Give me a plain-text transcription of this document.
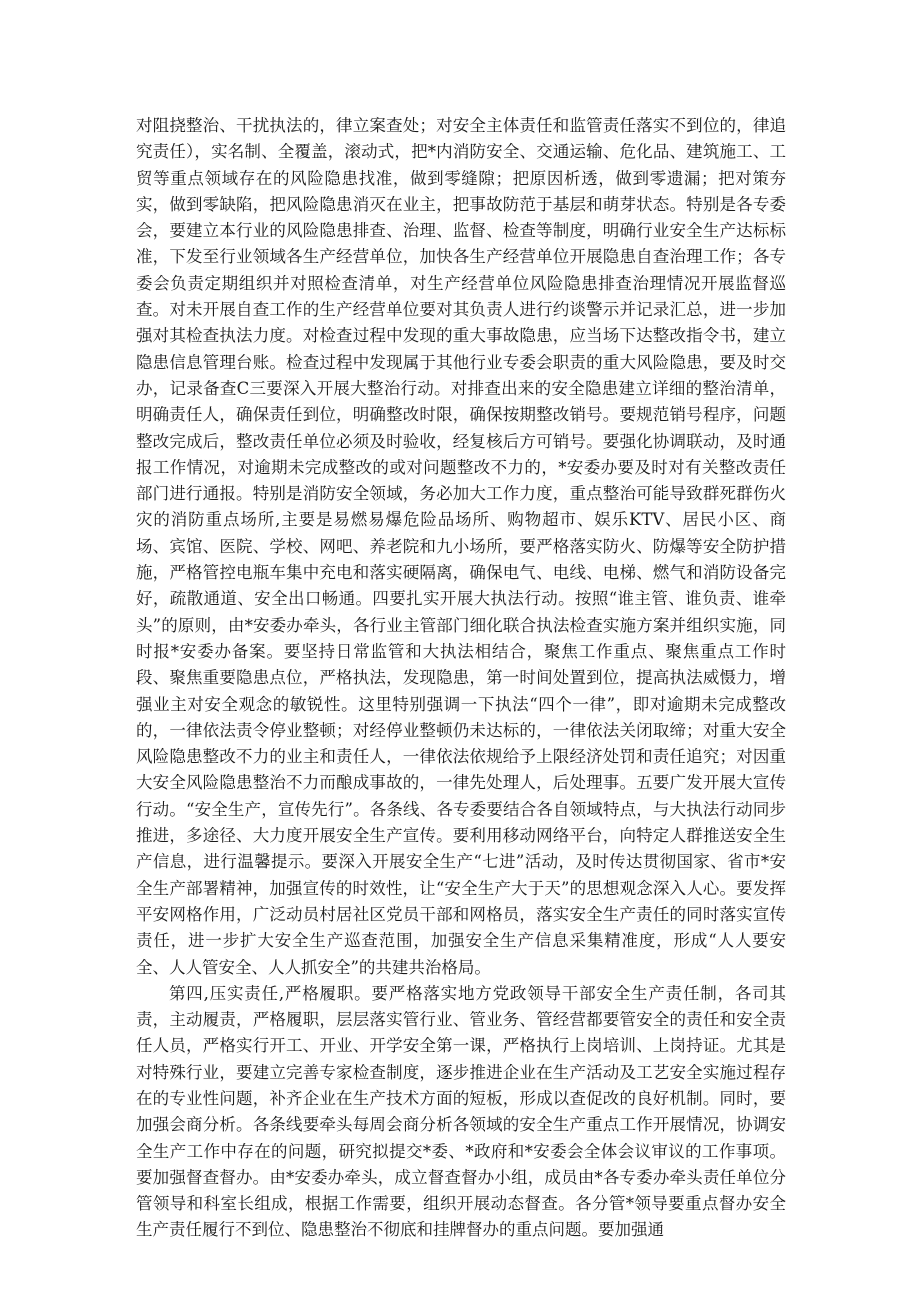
对阻挠整治、干扰执法的，律立案查处；对安全主体责任和监管责任落实不到位的，律追究责任），实名制、全覆盖，滚动式，把*内消防安全、交通运输、危化品、建筑施工、工贸等重点领域存在的风险隐患找准，做到零缝隙；把原因析透，做到零遗漏；把对策夯实，做到零缺陷，把风险隐患消灭在业主，把事故防范于基层和萌芽状态。特别是各专委会，要建立本行业的风险隐患排查、治理、监督、检查等制度，明确行业安全生产达标标准，下发至行业领域各生产经营单位，加快各生产经营单位开展隐患自查治理工作；各专委会负责定期组织并对照检查清单，对生产经营单位风险隐患排查治理情况开展监督巡查。对未开展自查工作的生产经营单位要对其负责人进行约谈警示并记录汇总，进一步加强对其检查执法力度。对检查过程中发现的重大事故隐患，应当场下达整改指令书，建立隐患信息管理台账。检查过程中发现属于其他行业专委会职责的重大风险隐患，要及时交办，记录备查C三要深入开展大整治行动。对排查出来的安全隐患建立详细的整治清单，明确责任人，确保责任到位，明确整改时限，确保按期整改销号。要规范销号程序，问题整改完成后，整改责任单位必须及时验收，经复核后方可销号。要强化协调联动，及时通报工作情况，对逾期未完成整改的或对问题整改不力的，*安委办要及时对有关整改责任部门进行通报。特别是消防安全领域，务必加大工作力度，重点整治可能导致群死群伤火灾的消防重点场所,主要是易燃易爆危险品场所、购物超市、娱乐KTV、居民小区、商场、宾馆、医院、学校、网吧、养老院和九小场所，要严格落实防火、防爆等安全防护措施，严格管控电瓶车集中充电和落实硬隔离，确保电气、电线、电梯、燃气和消防设备完好，疏散通道、安全出口畅通。四要扎实开展大执法行动。按照“谁主管、谁负责、谁牵头”的原则，由*安委办牵头，各行业主管部门细化联合执法检查实施方案并组织实施，同时报*安委办备案。要坚持日常监管和大执法相结合，聚焦工作重点、聚焦重点工作时段、聚焦重要隐患点位，严格执法，发现隐患，第一时间处置到位，提高执法威慑力，增强业主对安全观念的敏锐性。这里特别强调一下执法“四个一律”，即对逾期未完成整改的，一律依法责令停业整顿；对经停业整顿仍未达标的，一律依法关闭取缔；对重大安全风险隐患整改不力的业主和责任人，一律依法依规给予上限经济处罚和责任追究；对因重大安全风险隐患整治不力而酿成事故的，一律先处理人，后处理事。五要广发开展大宣传行动。“安全生产，宣传先行”。各条线、各专委要结合各自领域特点，与大执法行动同步推进，多途径、大力度开展安全生产宣传。要利用移动网络平台，向特定人群推送安全生产信息，进行温馨提示。要深入开展安全生产“七进”活动，及时传达贯彻国家、省市*安全生产部署精神，加强宣传的时效性，让“安全生产大于天”的思想观念深入人心。要发挥平安网格作用，广泛动员村居社区党员干部和网格员，落实安全生产责任的同时落实宣传责任，进一步扩大安全生产巡查范围，加强安全生产信息采集精准度，形成“人人要安全、人人管安全、人人抓安全”的共建共治格局。

第四,压实责任,严格履职。要严格落实地方党政领导干部安全生产责任制，各司其责，主动履责，严格履职，层层落实管行业、管业务、管经营都要管安全的责任和安全责任人员，严格实行开工、开业、开学安全第一课，严格执行上岗培训、上岗持证。尤其是对特殊行业，要建立完善专家检查制度，逐步推进企业在生产活动及工艺安全实施过程存在的专业性问题，补齐企业在生产技术方面的短板，形成以查促改的良好机制。同时，要加强会商分析。各条线要牵头每周会商分析各领域的安全生产重点工作开展情况，协调安全生产工作中存在的问题，研究拟提交*委、*政府和*安委会全体会议审议的工作事项。要加强督查督办。由*安委办牵头，成立督查督办小组，成员由*各专委办牵头责任单位分管领导和科室长组成，根据工作需要，组织开展动态督查。各分管*领导要重点督办安全生产责任履行不到位、隐患整治不彻底和挂牌督办的重点问题。要加强通
